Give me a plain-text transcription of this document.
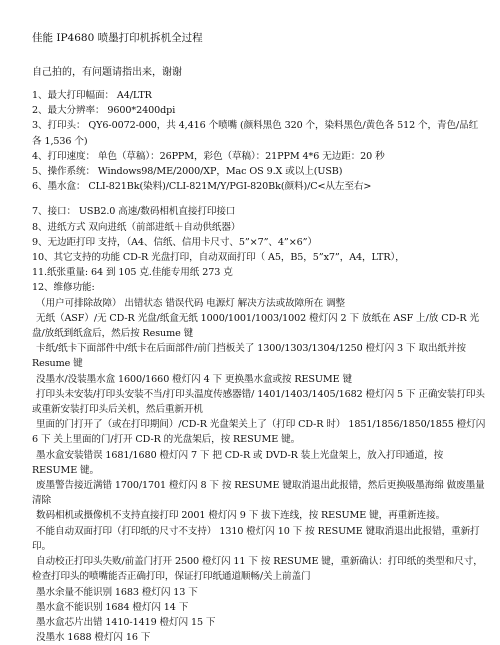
佳能 IP4680 喷墨打印机拆机全过程
自己拍的，有问题请指出来，谢谢
1、最大打印幅面： A4/LTR
2、最大分辨率： 9600*2400dpi
3、打印头： QY6-0072-000，共 4,416 个喷嘴 (颜料黑色 320 个，染料黑色/黄色各 512 个，青色/品红各 1,536 个)
4、打印速度： 单色（草稿）：26PPM，彩色（草稿）：21PPM 4*6 无边距：20 秒
5、操作系统： Windows98/ME/2000/XP，Mac OS 9.X 或以上(USB)
6、墨水盒： CLI-821Bk(染料)/CLI-821M/Y/PGI-820Bk(颜料)/C<从左至右>
7、接口： USB2.0 高速/数码相机直接打印接口
8、进纸方式 双向进纸（前部进纸＋自动供纸器）
9、无边距打印 支持，（A4、信纸、信用卡尺寸、5”×7”、4”×6”）
10、其它支持的功能 CD-R 光盘打印，自动双面打印（ A5，B5，5”x7”，A4，LTR），
11.纸张重量: 64 到 105 克.佳能专用纸 273 克
12、维修功能:

（用户可排除故障） 出错状态 错误代码 电源灯 解决方法或故障所在 调整

无纸（ASF）/无 CD-R 光盘/纸盒无纸 1000/1001/1003/1002 橙灯闪 2 下 放纸在 ASF 上/放 CD-R 光盘/放纸到纸盒后，然后按 Resume 键

卡纸/纸卡下面部件中/纸卡在后面部件/前门挡板关了 1300/1303/1304/1250 橙灯闪 3 下 取出纸并按 Resume 键

没墨水/没装墨水盒 1600/1660 橙灯闪 4 下 更换墨水盒或按 RESUME 键

打印头未安装/打印头安装不当/打印头温度传感器错/ 1401/1403/1405/1682 橙灯闪 5 下 正确安装打印头或重新安装打印头后关机，然后重新开机

里面的门打开了（或在打印期间）/CD-R 光盘架关上了（打印 CD-R 时） 1851/1856/1850/1855 橙灯闪 6 下 关上里面的门/打开 CD-R 的光盘架后，按 RESUME 键。

墨水盒安装错误 1681/1680 橙灯闪 7 下 把 CD-R 或 DVD-R 装上光盘架上，放入打印通道，按 RESUME 键。

废墨警告接近满错 1700/1701 橙灯闪 8 下 按 RESUME 键取消退出此报错，然后更换吸墨海绵 做废墨量清除

数码相机或摄像机不支持直接打印 2001 橙灯闪 9 下 拔下连线，按 RESUME 键，再重新连接。

不能自动双面打印（打印纸的尺寸不支持） 1310 橙灯闪 10 下 按 RESUME 键取消退出此报错，重新打印。

自动校正打印头失败/前盖门打开 2500 橙灯闪 11 下 按 RESUME 键，重新确认：打印纸的类型和尺寸，检查打印头的喷嘴能否正确打印，保证打印纸通道顺畅/关上前盖门

墨水余量不能识别 1683 橙灯闪 13 下

墨水盒不能识别 1684 橙灯闪 14 下

墨水盒芯片出错 1410-1419 橙灯闪 15 下

没墨水 1688 橙灯闪 16 下
